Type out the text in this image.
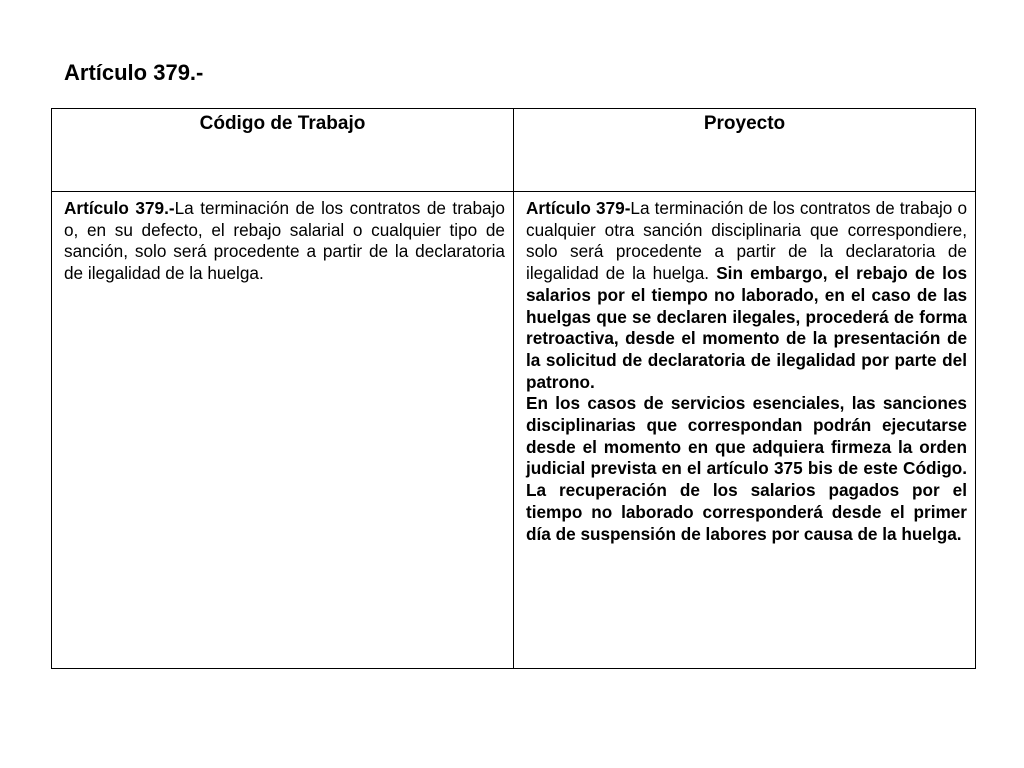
Artículo 379.-
Código de Trabajo	Proyecto

Artículo 379.-La terminación de los contratos de trabajo o, en su defecto, el rebajo salarial o cualquier tipo de sanción, solo será procedente a partir de la declaratoria de ilegalidad de la huelga.	Artículo 379-La terminación de los contratos de trabajo o cualquier otra sanción disciplinaria que correspondiere, solo será procedente a partir de la declaratoria de ilegalidad de la huelga. Sin embargo, el rebajo de los salarios por el tiempo no laborado, en el caso de las huelgas que se declaren ilegales, procederá de forma retroactiva, desde el momento de la presentación de la solicitud de declaratoria de ilegalidad por parte del patrono.

En los casos de servicios esenciales, las sanciones disciplinarias que correspondan podrán ejecutarse desde el momento en que adquiera firmeza la orden judicial prevista en el artículo 375 bis de este Código. La recuperación de los salarios pagados por el tiempo no laborado corresponderá desde el primer día de suspensión de labores por causa de la huelga.
